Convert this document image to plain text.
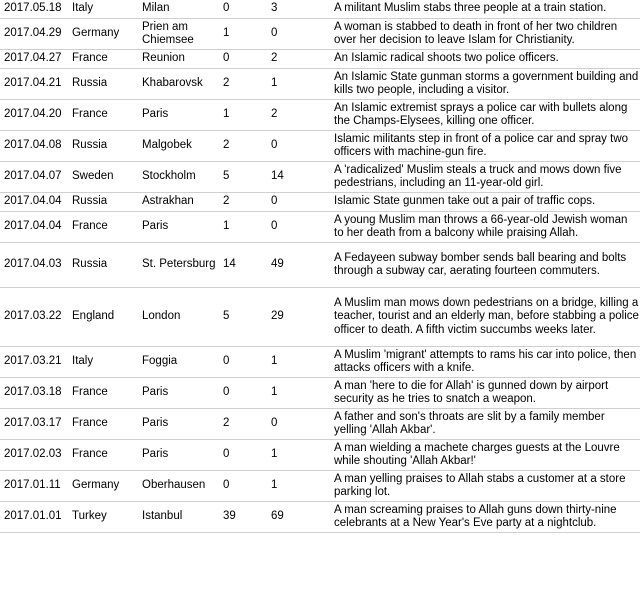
2017.05.18	Italy	Milan	0	3	A militant Muslim stabs three people at a train station.
2017.04.29	Germany	Prien am Chiemsee	1	0	A woman is stabbed to death in front of her two children over her decision to leave Islam for Christianity.
2017.04.27	France	Reunion	0	2	An Islamic radical shoots two police officers.
2017.04.21	Russia	Khabarovsk	2	1	An Islamic State gunman storms a government building and kills two people, including a visitor.
2017.04.20	France	Paris	1	2	An Islamic extremist sprays a police car with bullets along the Champs-Elysees, killing one officer.
2017.04.08	Russia	Malgobek	2	0	Islamic militants step in front of a police car and spray two officers with machine-gun fire.
2017.04.07	Sweden	Stockholm	5	14	A 'radicalized' Muslim steals a truck and mows down five pedestrians, including an 11-year-old girl.
2017.04.04	Russia	Astrakhan	2	0	Islamic State gunmen take out a pair of traffic cops.
2017.04.04	France	Paris	1	0	A young Muslim man throws a 66-year-old Jewish woman to her death from a balcony while praising Allah.
2017.04.03	Russia	St. Petersburg	14	49	A Fedayeen subway bomber sends ball bearing and bolts through a subway car, aerating fourteen commuters.
2017.03.22	England	London	5	29	A Muslim man mows down pedestrians on a bridge, killing a teacher, tourist and an elderly man, before stabbing a police officer to death. A fifth victim succumbs weeks later.
2017.03.21	Italy	Foggia	0	1	A Muslim 'migrant' attempts to rams his car into police, then attacks officers with a knife.
2017.03.18	France	Paris	0	1	A man 'here to die for Allah' is gunned down by airport security as he tries to snatch a weapon.
2017.03.17	France	Paris	2	0	A father and son's throats are slit by a family member yelling 'Allah Akbar'.
2017.02.03	France	Paris	0	1	A man wielding a machete charges guests at the Louvre while shouting 'Allah Akbar!'
2017.01.11	Germany	Oberhausen	0	1	A man yelling praises to Allah stabs a customer at a store parking lot.
2017.01.01	Turkey	Istanbul	39	69	A man screaming praises to Allah guns down thirty-nine celebrants at a New Year's Eve party at a nightclub.
